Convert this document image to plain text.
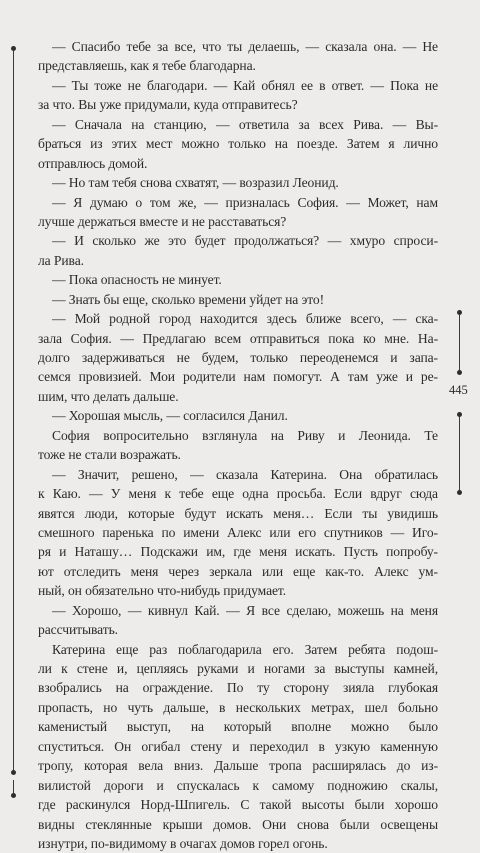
445
— Спасибо тебе за все, что ты делаешь, — сказала она. — Не
представляешь, как я тебе благодарна.
— Ты тоже не благодари. — Кай обнял ее в ответ. — Пока не
за что. Вы уже придумали, куда отправитесь?
— Сначала на станцию, — ответила за всех Рива. — Вы-
браться из этих мест можно только на поезде. Затем я лично
отправлюсь домой.
— Но там тебя снова схватят, — возразил Леонид.
— Я думаю о том же, — призналась София. — Может, нам
лучше держаться вместе и не расставаться?
— И сколько же это будет продолжаться? — хмуро спроси-
ла Рива.
— Пока опасность не минует.
— Знать бы еще, сколько времени уйдет на это!
— Мой родной город находится здесь ближе всего, — ска-
зала София. — Предлагаю всем отправиться пока ко мне. На-
долго задерживаться не будем, только переоденемся и запа-
семся провизией. Мои родители нам помогут. А там уже и ре-
шим, что делать дальше.
— Хорошая мысль, — согласился Данил.
София вопросительно взглянула на Риву и Леонида. Те
тоже не стали возражать.
— Значит, решено, — сказала Катерина. Она обратилась
к Каю. — У меня к тебе еще одна просьба. Если вдруг сюда
явятся люди, которые будут искать меня… Если ты увидишь
смешного паренька по имени Алекс или его спутников — Иго-
ря и Наташу… Подскажи им, где меня искать. Пусть попробу-
ют отследить меня через зеркала или еще как-то. Алекс ум-
ный, он обязательно что-нибудь придумает.
— Хорошо, — кивнул Кай. — Я все сделаю, можешь на меня
рассчитывать.
Катерина еще раз поблагодарила его. Затем ребята подош-
ли к стене и, цепляясь руками и ногами за выступы камней,
взобрались на ограждение. По ту сторону зияла глубокая
пропасть, но чуть дальше, в нескольких метрах, шел больно
каменистый выступ, на который вполне можно было
спуститься. Он огибал стену и переходил в узкую каменную
тропу, которая вела вниз. Дальше тропа расширялась до из-
вилистой дороги и спускалась к самому подножию скалы,
где раскинулся Норд-Шпигель. С такой высоты были хорошо
видны стеклянные крыши домов. Они снова были освещены
изнутри, по-видимому в очагах домов горел огонь.
